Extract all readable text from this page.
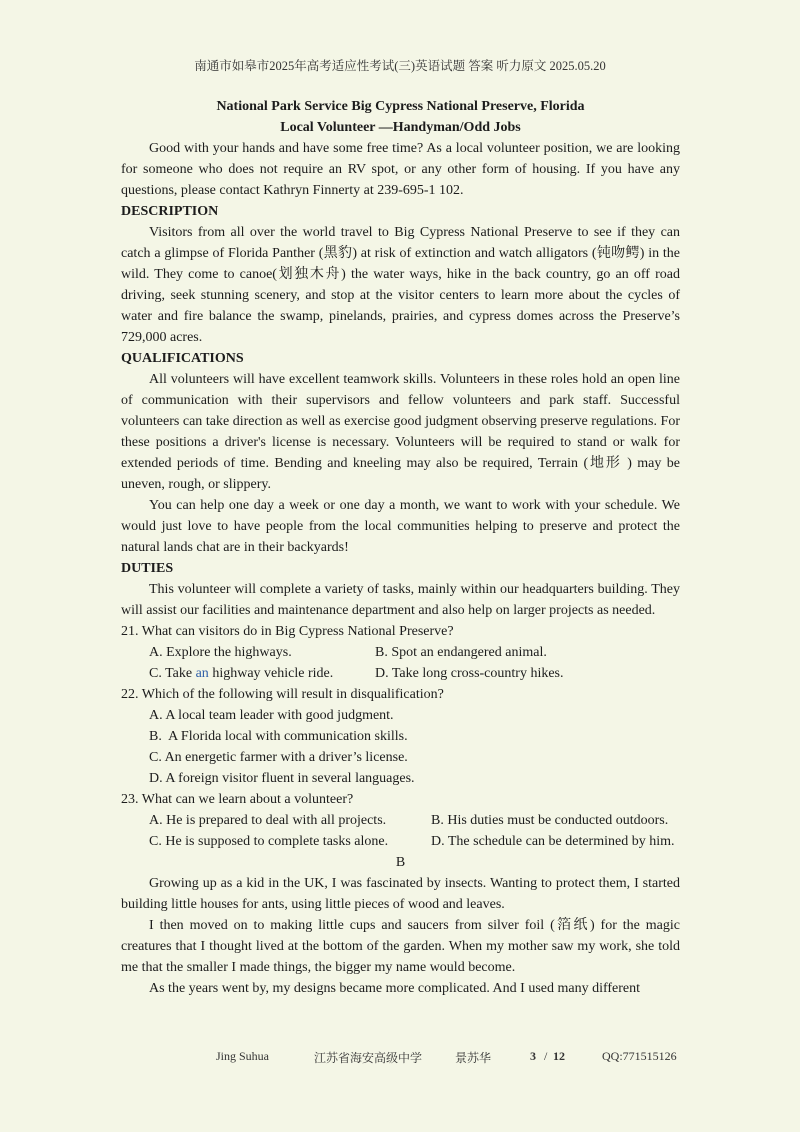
南通市如皋市2025年高考适应性考试(三)英语试题 答案 听力原文 2025.05.20
National Park Service Big Cypress National Preserve, Florida
Local Volunteer —Handyman/Odd Jobs

Good with your hands and have some free time? As a local volunteer position, we are looking for someone who does not require an RV spot, or any other form of housing. If you have any questions, please contact Kathryn Finnerty at 239-695-1 102.

DESCRIPTION

Visitors from all over the world travel to Big Cypress National Preserve to see if they can catch a glimpse of Florida Panther (黑豹) at risk of extinction and watch alligators (钝吻鳄) in the wild. They come to canoe(划独木舟) the water ways, hike in the back country, go an off road driving, seek stunning scenery, and stop at the visitor centers to learn more about the cycles of water and fire balance the swamp, pinelands, prairies, and cypress domes across the Preserve’s 729,000 acres.

QUALIFICATIONS

All volunteers will have excellent teamwork skills. Volunteers in these roles hold an open line of communication with their supervisors and fellow volunteers and park staff. Successful volunteers can take direction as well as exercise good judgment observing preserve regulations. For these positions a driver's license is necessary. Volunteers will be required to stand or walk for extended periods of time. Bending and kneeling may also be required, Terrain (地形 ) may be uneven, rough, or slippery.

You can help one day a week or one day a month, we want to work with your schedule. We would just love to have people from the local communities helping to preserve and protect the natural lands chat are in their backyards!

DUTIES

This volunteer will complete a variety of tasks, mainly within our headquarters building. They will assist our facilities and maintenance department and also help on larger projects as needed.

21. What can visitors do in Big Cypress National Preserve?
A. Explore the highways.	B. Spot an endangered animal.
C. Take an highway vehicle ride.	D. Take long cross-country hikes.
22. Which of the following will result in disqualification?
A. A local team leader with good judgment.
B.  A Florida local with communication skills.
C. An energetic farmer with a driver’s license.
D. A foreign visitor fluent in several languages.
23. What can we learn about a volunteer?
A. He is prepared to deal with all projects.	B. His duties must be conducted outdoors.
C. He is supposed to complete tasks alone.	D. The schedule can be determined by him.
B

Growing up as a kid in the UK, I was fascinated by insects. Wanting to protect them, I started building little houses for ants, using little pieces of wood and leaves.

I then moved on to making little cups and saucers from silver foil (箔纸) for the magic creatures that I thought lived at the bottom of the garden. When my mother saw my work, she told me that the smaller I made things, the bigger my name would become.

As the years went by, my designs became more complicated. And I used many different

Jing Suhua	江苏省海安高级中学	景苏华	3 / 12	QQ:771515126
